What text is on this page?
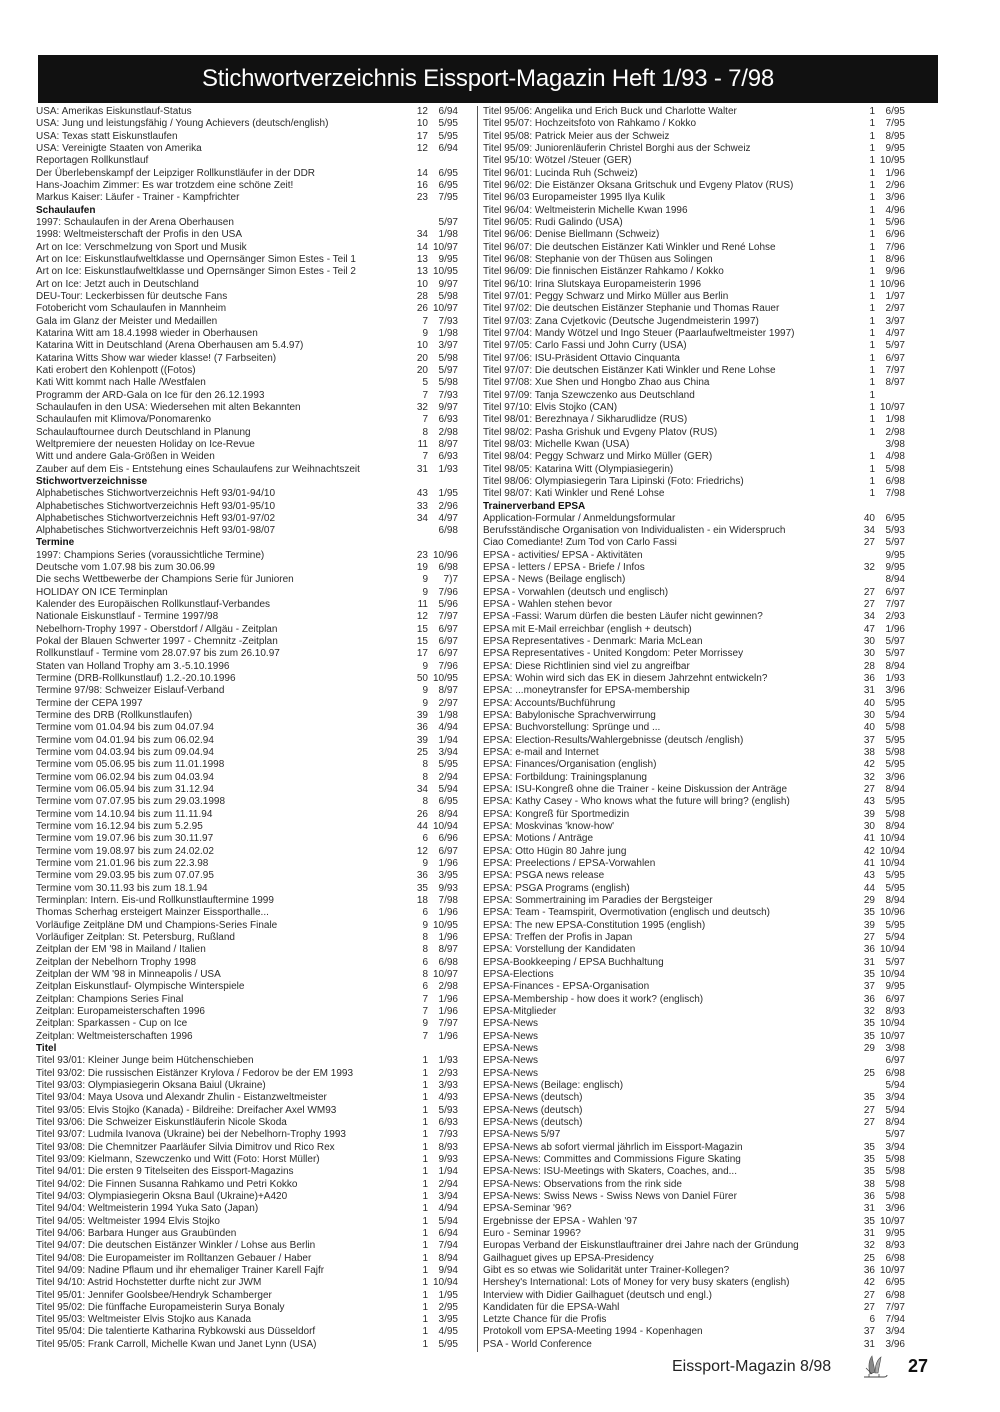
Stichwortverzeichnis Eissport-Magazin Heft 1/93 - 7/98
USA: Amerikas Eiskunstlauf-Status	12	6/94
USA: Jung und leistungsfähig / Young Achievers (deutsch/english)	10	5/95
USA: Texas statt Eiskunstlaufen	17	5/95
USA: Vereinigte Staaten von Amerika	12	6/94
Reportagen Rollkunstlauf
Der Überlebenskampf der Leipziger Rollkunstläufer in der DDR	14	6/95
Hans-Joachim Zimmer: Es war trotzdem eine schöne Zeit!	16	6/95
Markus Kaiser: Läufer - Trainer - Kampfrichter	23	7/95
Schaulaufen
1997: Schaulaufen in der Arena Oberhausen	5/97
1998: Weltmeisterschaft der Profis in den USA	34	1/98
Art on Ice: Verschmelzung von Sport und Musik	14 10/97
Art on Ice: Eiskunstlaufweltklasse und Opernsänger Simon Estes - Teil 1	13	9/95
Art on Ice: Eiskunstlaufweltklasse und Opernsänger Simon Estes - Teil 2	13 10/95
Art on Ice: Jetzt auch in Deutschland	10	9/97
DEU-Tour: Leckerbissen für deutsche Fans	28	5/98
Fotobericht vom Schaulaufen in Mannheim	26 10/97
Gala im Glanz der Meister und Medaillen	7	7/93
Katarina Witt am 18.4.1998 wieder in Oberhausen	9	1/98
Katarina Witt in Deutschland (Arena Oberhausen am 5.4.97)	10	3/97
Katarina Witts Show war wieder klasse! (7 Farbseiten)	20	5/98
Kati erobert den Kohlenpott ((Fotos)	20	5/97
Kati Witt kommt nach Halle /Westfalen	5	5/98
Programm der ARD-Gala on Ice für den 26.12.1993	7	7/93
Schaulaufen in den USA: Wiedersehen mit alten Bekannten	32	9/97
Schaulaufen mit Klimova/Ponomarenko	7	6/93
Schaulauftournee durch Deutschland in Planung	8	2/98
Weltpremiere der neuesten Holiday on Ice-Revue	11	8/97
Witt und andere Gala-Größen in Weiden	7	6/93
Zauber auf dem Eis - Entstehung eines Schaulaufens zur Weihnachtszeit	31	1/93
Stichwortverzeichnisse
Alphabetisches Stichwortverzeichnis Heft 93/01-94/10	43	1/95
Alphabetisches Stichwortverzeichnis Heft 93/01-95/10	33	2/96
Alphabetisches Stichwortverzeichnis Heft 93/01-97/02	34	4/97
Alphabetisches Stichwortverzeichnis Heft 93/01-98/07	6/98
Termine
1997: Champions Series (voraussichtliche Termine)	23 10/96
Deutsche vom 1.07.98 bis zum 30.06.99	19	6/98
Die sechs Wettbewerbe der Champions Serie für Junioren	9	7)7
HOLIDAY ON ICE Terminplan	9	7/96
Kalender des Europäischen Rollkunstlauf-Verbandes	11	5/96
Nationale Eiskunstlauf - Termine 1997/98	12	7/97
Nebelhorn-Trophy 1997 - Oberstdorf / Allgäu - Zeitplan	15	6/97
Pokal der Blauen Schwerter 1997 - Chemnitz -Zeitplan	15	6/97
Rollkunstlauf - Termine vom 28.07.97 bis zum 26.10.97	17	6/97
Staten van Holland Trophy am 3.-5.10.1996	9	7/96
Termine (DRB-Rollkunstlauf) 1.2.-20.10.1996	50 10/95
Termine 97/98: Schweizer Eislauf-Verband	9	8/97
Termine der CEPA 1997	9	2/97
Termine des DRB (Rollkunstlaufen)	39	1/98
Termine vom 01.04.94 bis zum 04.07.94	36	4/94
Termine vom 04.01.94 bis zum 06.02.94	39	1/94
Termine vom 04.03.94 bis zum 09.04.94	25	3/94
Termine vom 05.06.95 bis zum 11.01.1998	8	5/95
Termine vom 06.02.94 bis zum 04.03.94	8	2/94
Termine vom 06.05.94 bis zum 31.12.94	34	5/94
Termine vom 07.07.95 bis zum 29.03.1998	8	6/95
Termine vom 14.10.94 bis zum 11.11.94	26	8/94
Termine vom 16.12.94 bis zum 5.2.95	44 10/94
Termine vom 19.07.96 bis zum 30.11.97	6	6/96
Termine vom 19.08.97 bis zum 24.02.02	12	6/97
Termine vom 21.01.96 bis zum 22.3.98	9	1/96
Termine vom 29.03.95 bis zum 07.07.95	36	3/95
Termine vom 30.11.93 bis zum 18.1.94	35	9/93
Terminplan: Intern. Eis-und Rollkunstlauftermine 1999	18	7/98
Thomas Scherhag ersteigert Mainzer Eissporthalle...	6	1/96
Vorläufige Zeitpläne DM und Champions-Series Finale	9 10/95
Vorläufiger Zeitplan: St. Petersburg, Rußland	8	1/96
Zeitplan der EM '98 in Mailand / Italien	8	8/97
Zeitplan der Nebelhorn Trophy 1998	6	6/98
Zeitplan der WM '98 in Minneapolis / USA	8 10/97
Zeitplan Eiskunstlauf- Olympische Winterspiele	6	2/98
Zeitplan: Champions Series Final	7	1/96
Zeitplan: Europameisterschaften 1996	7	1/96
Zeitplan: Sparkassen - Cup on Ice	9	7/97
Zeitplan: Weltmeisterschaften 1996	7	1/96
Titel
Titel 93/01: Kleiner Junge beim Hütchenschieben	1	1/93
Titel 93/02: Die russischen Eistänzer Krylova / Fedorov be der EM 1993	1	2/93
Titel 93/03: Olympiasiegerin Oksana Baiul (Ukraine)	1	3/93
Titel 93/04: Maya Usova und Alexandr Zhulin - Eistanzweltmeister	1	4/93
Titel 93/05: Elvis Stojko (Kanada) - Bildreihe: Dreifacher Axel WM93	1	5/93
Titel 93/06: Die Schweizer Eiskunstläuferin Nicole Skoda	1	6/93
Titel 93/07: Ludmila Ivanova (Ukraine) bei der Nebelhorn-Trophy 1993	1	7/93
Titel 93/08: Die Chemnitzer Paarläufer Silvia Dimitrov und Rico Rex	1	8/93
Titel 93/09: Kielmann, Szewczenko und Witt (Foto: Horst Müller)	1	9/93
Titel 94/01: Die ersten 9 Titelseiten des Eissport-Magazins	1	1/94
Titel 94/02: Die Finnen Susanna Rahkamo und Petri Kokko	1	2/94
Titel 94/03: Olympiasiegerin Oksna Baul (Ukraine)+A420	1	3/94
Titel 94/04: Weltmeisterin 1994 Yuka Sato (Japan)	1	4/94
Titel 94/05: Weltmeister 1994 Elvis Stojko	1	5/94
Titel 94/06: Barbara Hunger aus Graubünden	1	6/94
Titel 94/07: Die deutschen Eistänzer Winkler / Lohse aus Berlin	1	7/94
Titel 94/08: Die Europameister im Rolltanzen Gebauer / Haber	1	8/94
Titel 94/09: Nadine Pflaum und ihr ehemaliger Trainer Karell Fajfr	1	9/94
Titel 94/10: Astrid Hochstetter durfte nicht zur JWM	1 10/94
Titel 95/01: Jennifer Goolsbee/Hendryk Schamberger	1	1/95
Titel 95/02: Die fünffache Europameisterin Surya Bonaly	1	2/95
Titel 95/03: Weltmeister Elvis Stojko aus Kanada	1	3/95
Titel 95/04: Die talentierte Katharina Rybkowski aus Düsseldorf	1	4/95
Titel 95/05: Frank Carroll, Michelle Kwan und Janet Lynn (USA)	1	5/95
Titel 95/06: Angelika und Erich Buck und Charlotte Walter	1	6/95
Titel 95/07: Hochzeitsfoto von Rahkamo / Kokko	1	7/95
Titel 95/08: Patrick Meier aus der Schweiz	1	8/95
Titel 95/09: Juniorenläuferin Christel Borghi aus der Schweiz	1	9/95
Titel 95/10: Wötzel /Steuer (GER)	1 10/95
Titel 96/01: Lucinda Ruh (Schweiz)	1	1/96
Titel 96/02: Die Eistänzer Oksana Gritschuk und Evgeny Platov (RUS)	1	2/96
Titel 96/03 Europameister 1995 Ilya Kulik	1	3/96
Titel 96/04: Weltmeisterin Michelle Kwan 1996	1	4/96
Titel 96/05: Rudi Galindo (USA)	1	5/96
Titel 96/06: Denise Biellmann (Schweiz)	1	6/96
Titel 96/07: Die deutschen Eistänzer Kati Winkler und René Lohse	1	7/96
Titel 96/08: Stephanie von der Thüsen aus Solingen	1	8/96
Titel 96/09: Die finnischen Eistänzer Rahkamo / Kokko	1	9/96
Titel 96/10: Irina Slutskaya Europameisterin 1996	1 10/96
Titel 97/01: Peggy Schwarz und Mirko Müller aus Berlin	1	1/97
Titel 97/02: Die deutschen Eistänzer Stephanie und Thomas Rauer	1	2/97
Titel 97/03: Zana Cvjetkovic (Deutsche Jugendmeisterin 1997)	1	3/97
Titel 97/04: Mandy Wötzel und Ingo Steuer (Paarlaufweltmeister 1997)	1	4/97
Titel 97/05: Carlo Fassi und John Curry (USA)	1	5/97
Titel 97/06: ISU-Präsident Ottavio Cinquanta	1	6/97
Titel 97/07: Die deutschen Eistänzer Kati Winkler und Rene Lohse	1	7/97
Titel 97/08: Xue Shen und Hongbo Zhao aus China	1	8/97
Titel 97/09: Tanja Szewczenko aus Deutschland	1
Titel 97/10: Elvis Stojko (CAN)	1 10/97
Titel 98/01: Berezhnaya / Sikharudlidze (RUS)	1	1/98
Titel 98/02: Pasha Grishuk und Evgeny Platov (RUS)	1	2/98
Titel 98/03: Michelle Kwan (USA)	3/98
Titel 98/04: Peggy Schwarz und Mirko Müller (GER)	1	4/98
Titel 98/05: Katarina Witt (Olympiasiegerin)	1	5/98
Titel 98/06: Olympiasiegerin Tara Lipinski (Foto: Friedrichs)	1	6/98
Titel 98/07: Kati Winkler und René Lohse	1	7/98
Trainerverband EPSA
Application-Formular / Anmeldungsformular	40	6/95
Berufsständische Organisation von Individualisten - ein Widerspruch	34	5/93
Ciao Comediante! Zum Tod von Carlo Fassi	27	5/97
EPSA - activities/ EPSA - Aktivitäten	9/95
EPSA - letters / EPSA - Briefe / Infos	32	9/95
EPSA - News (Beilage englisch)	8/94
EPSA - Vorwahlen (deutsch und englisch)	27	6/97
EPSA - Wahlen stehen bevor	27	7/97
EPSA -Fassi: Warum dürfen die besten Läufer nicht gewinnen?	34	2/93
EPSA mit E-Mail erreichbar (english + deutsch)	47	1/96
EPSA Representatives - Denmark: Maria McLean	30	5/97
EPSA Representatives - United Kongdom: Peter Morrissey	30	5/97
EPSA: Diese Richtlinien sind viel zu angreifbar	28	8/94
EPSA: Wohin wird sich das EK in diesem Jahrzehnt entwickeln?	36	1/93
EPSA: ...moneytransfer for EPSA-membership	31	3/96
EPSA: Accounts/Buchführung	40	5/95
EPSA: Babylonische Sprachverwirrung	30	5/94
EPSA: Buchvorstellung: Sprünge und ...	40	5/98
EPSA: Election-Results/Wahlergebnisse (deutsch /english)	37	5/95
EPSA: e-mail and Internet	38	5/98
EPSA: Finances/Organisation (english)	42	5/95
EPSA: Fortbildung: Trainingsplanung	32	3/96
EPSA: ISU-Kongreß ohne die Trainer - keine Diskussion der Anträge	27	8/94
EPSA: Kathy Casey - Who knows what the future will bring? (english)	43	5/95
EPSA: Kongreß für Sportmedizin	39	5/98
EPSA: Moskvinas 'know-how'	30	8/94
EPSA: Motions / Anträge	41 10/94
EPSA: Otto Hügin 80 Jahre jung	42 10/94
EPSA: Preelections / EPSA-Vorwahlen	41 10/94
EPSA: PSGA news release	43	5/95
EPSA: PSGA Programs (english)	44	5/95
EPSA: Sommertraining im Paradies der Bergsteiger	29	8/94
EPSA: Team - Teamspirit, Overmotivation (englisch und deutsch)	35 10/96
EPSA: The new EPSA-Constitution 1995 (english)	39	5/95
EPSA: Treffen der Profis in Japan	27	5/94
EPSA: Vorstellung der Kandidaten	36 10/94
EPSA-Bookkeeping / EPSA Buchhaltung	31	5/97
EPSA-Elections	35 10/94
EPSA-Finances - EPSA-Organisation	37	9/95
EPSA-Membership - how does it work? (englisch)	36	6/97
EPSA-Mitglieder	32	8/93
EPSA-News	35 10/94
EPSA-News	35 10/97
EPSA-News	29	3/98
EPSA-News	6/97
EPSA-News	25	6/98
EPSA-News (Beilage: englisch)	5/94
EPSA-News (deutsch)	35	3/94
EPSA-News (deutsch)	27	5/94
EPSA-News (deutsch)	27	8/94
EPSA-News 5/97	5/97
EPSA-News ab sofort viermal jährlich im Eissport-Magazin	35	3/94
EPSA-News: Committes and Commissions Figure Skating	35	5/98
EPSA-News: ISU-Meetings with Skaters, Coaches, and...	35	5/98
EPSA-News: Observations from the rink side	38	5/98
EPSA-News: Swiss News - Swiss News von Daniel Fürer	36	5/98
EPSA-Seminar '96?	31	3/96
Ergebnisse der EPSA - Wahlen '97	35 10/97
Euro - Seminar 1996?	31	9/95
Europas Verband der Eiskunstlauftrainer drei Jahre nach der Gründung	32	8/93
Gailhaguet gives up EPSA-Presidency	25	6/98
Gibt es so etwas wie Solidarität unter Trainer-Kollegen?	36 10/97
Hershey's International: Lots of Money for very busy skaters (english)	42	6/95
Interview with Didier Gailhaguet (deutsch und engl.)	27	6/98
Kandidaten für die EPSA-Wahl	27	7/97
Letzte Chance für die Profis	6	7/94
Protokoll vom EPSA-Meeting 1994 - Kopenhagen	37	3/94
PSA - World Conference	31	3/96
Eissport-Magazin 8/98	27
